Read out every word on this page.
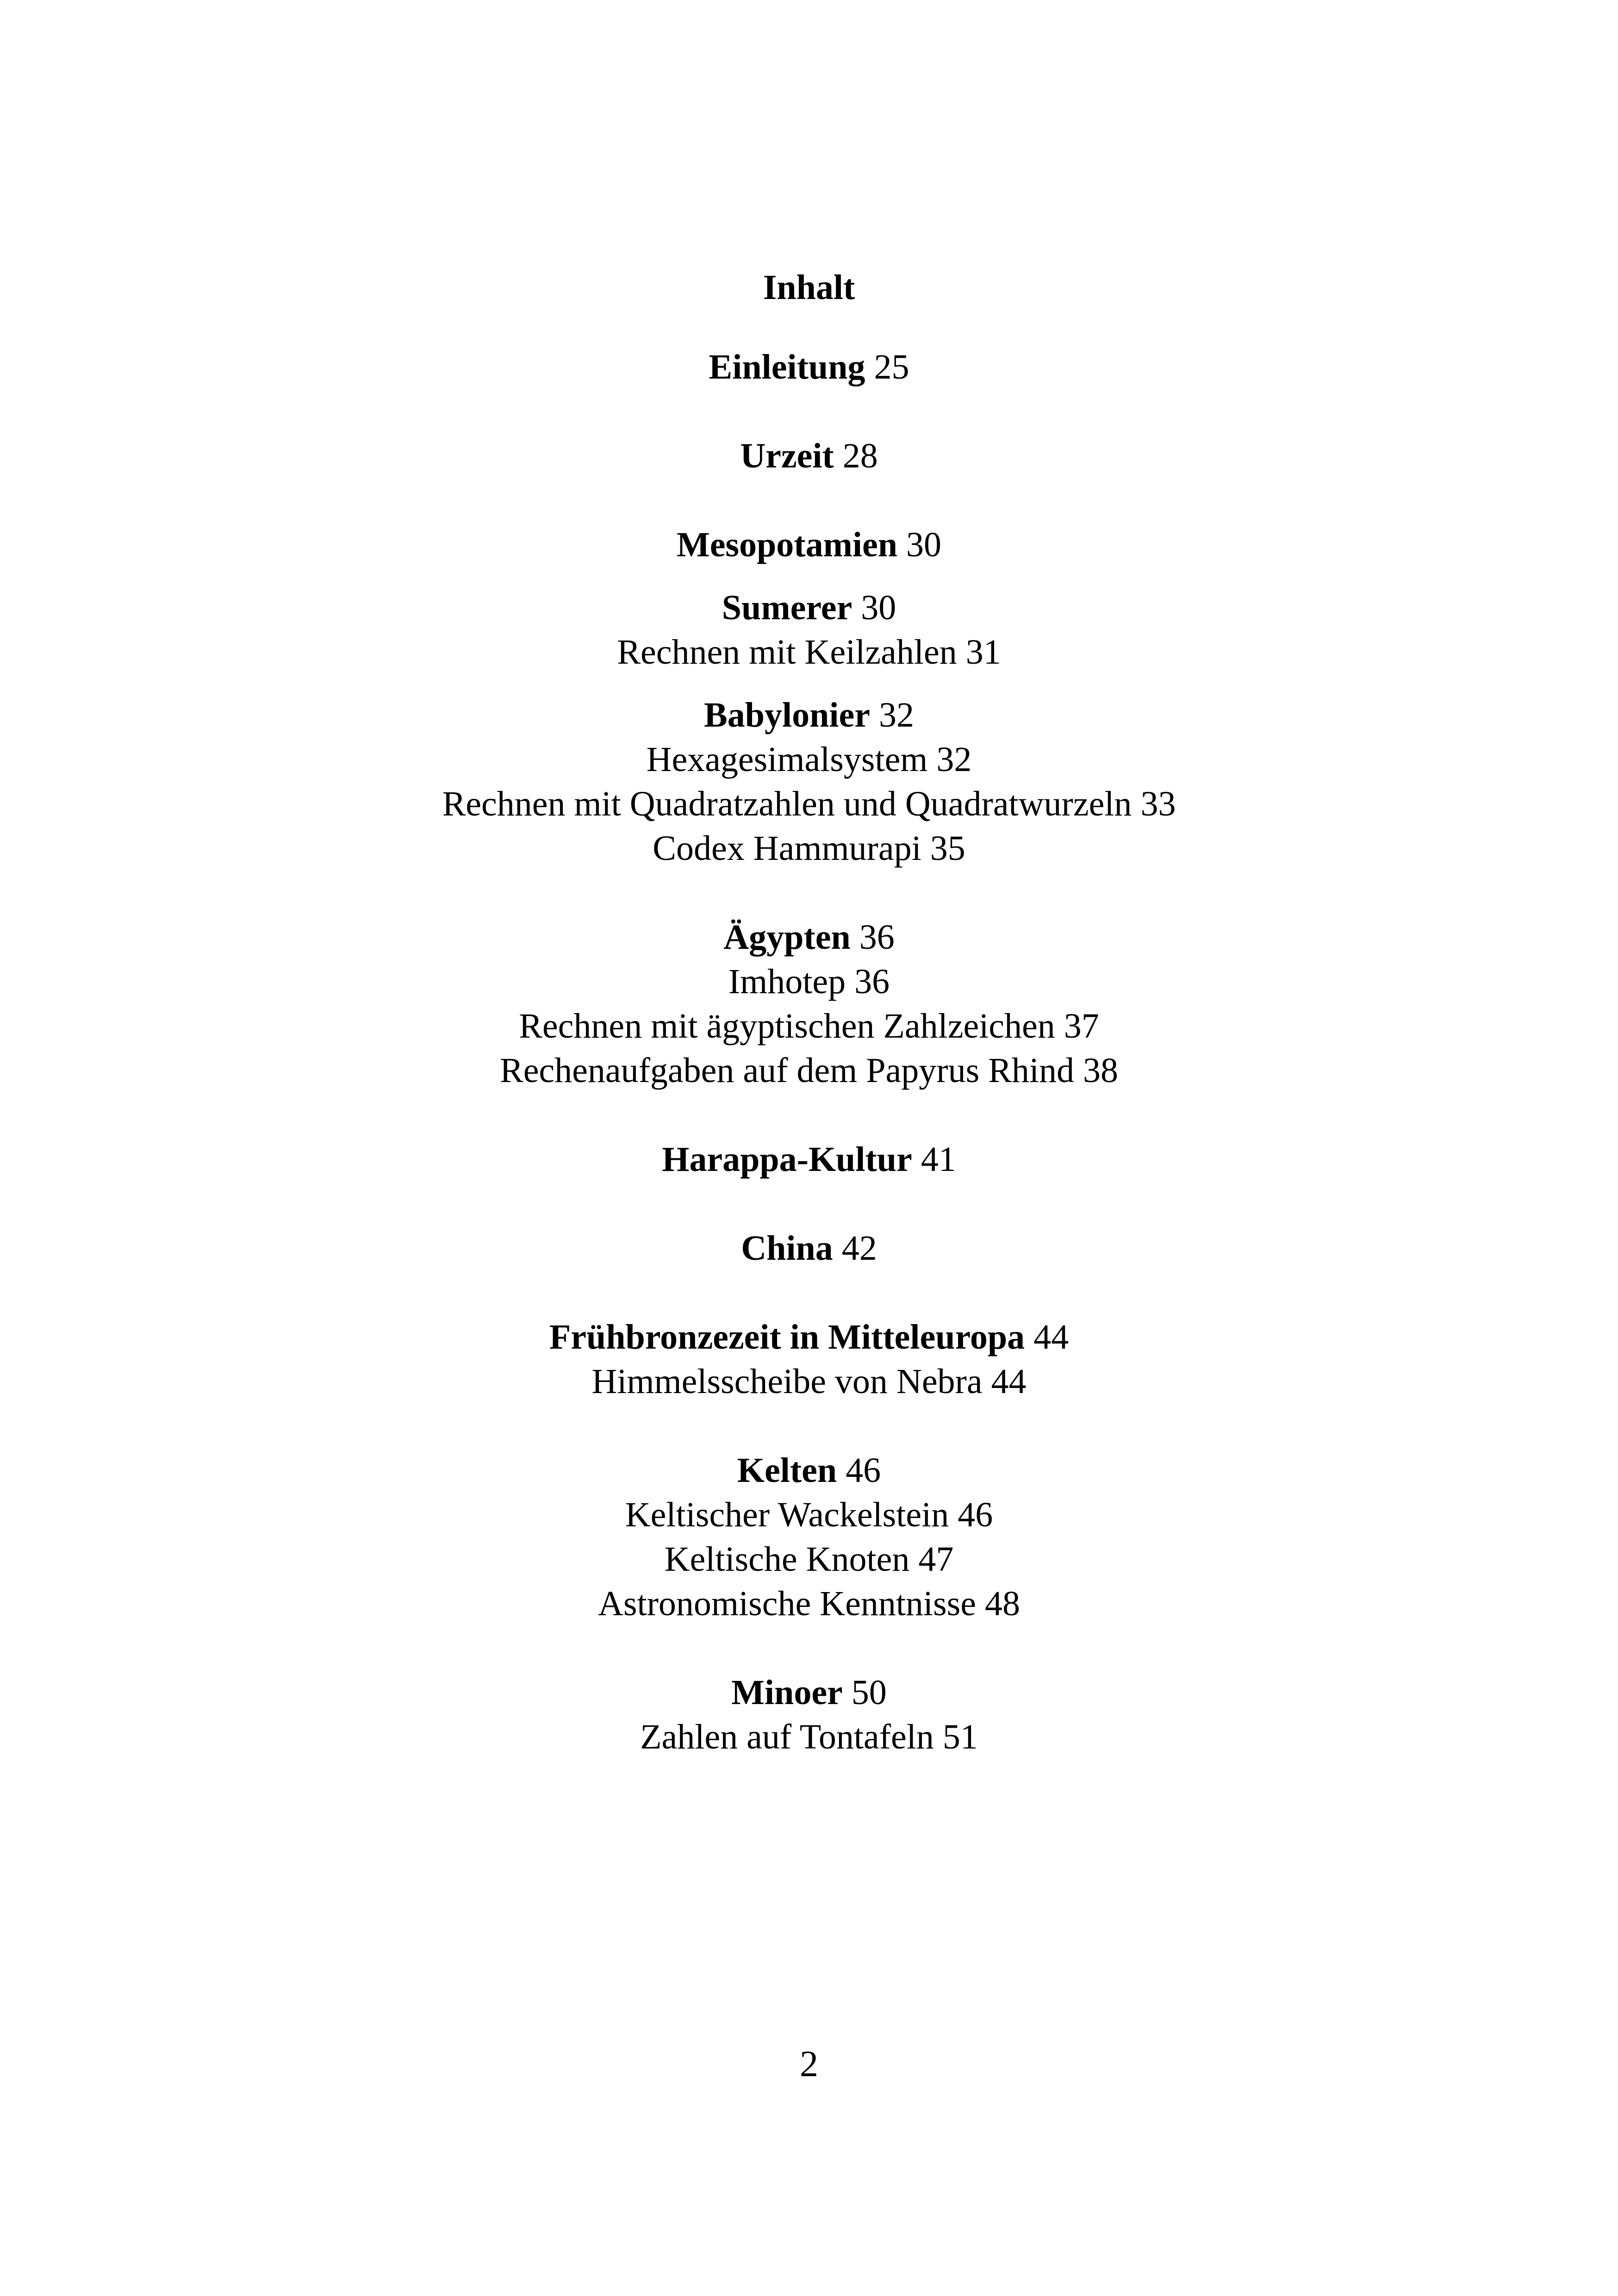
Inhalt
Einleitung 25
Urzeit 28
Mesopotamien 30
Sumerer 30
Rechnen mit Keilzahlen 31
Babylonier 32
Hexagesimalsystem 32
Rechnen mit Quadratzahlen und Quadratwurzeln 33
Codex Hammurapi 35
Ägypten 36
Imhotep 36
Rechnen mit ägyptischen Zahlzeichen 37
Rechenaufgaben auf dem Papyrus Rhind 38
Harappa-Kultur 41
China 42
Frühbronzezeit in Mitteleuropa 44
Himmelsscheibe von Nebra 44
Kelten 46
Keltischer Wackelstein 46
Keltische Knoten 47
Astronomische Kenntnisse 48
Minoer 50
Zahlen auf Tontafeln 51
2
